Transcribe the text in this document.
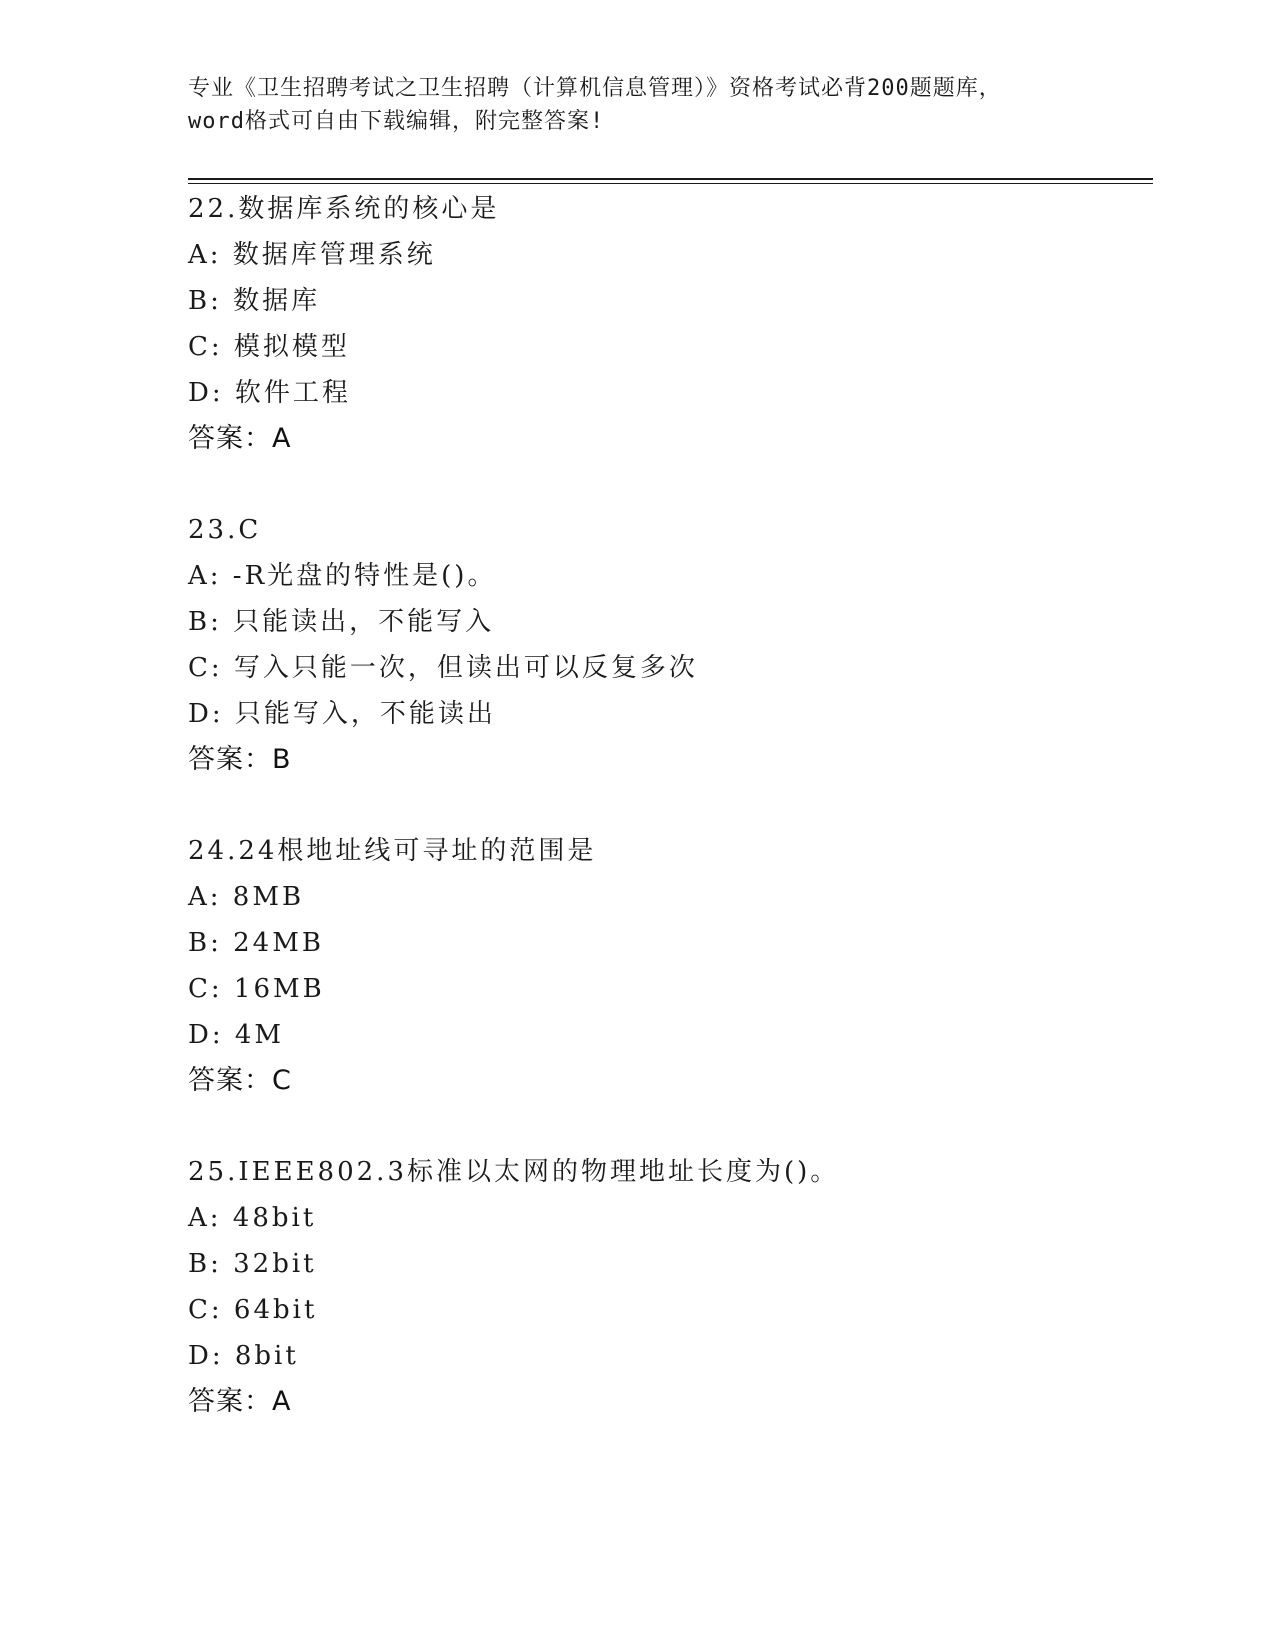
专业《卫生招聘考试之卫生招聘（计算机信息管理）》资格考试必背200题题库，
word格式可自由下载编辑，附完整答案!
22.数据库系统的核心是
A: 数据库管理系统
B: 数据库
C: 模拟模型
D: 软件工程
答案：A
23.C
A: -R光盘的特性是()。
B: 只能读出，不能写入
C: 写入只能一次，但读出可以反复多次
D: 只能写入，不能读出
答案：B
24.24根地址线可寻址的范围是
A: 8MB
B: 24MB
C: 16MB
D: 4M
答案：C
25.IEEE802.3标准以太网的物理地址长度为()。
A: 48bit
B: 32bit
C: 64bit
D: 8bit
答案：A
